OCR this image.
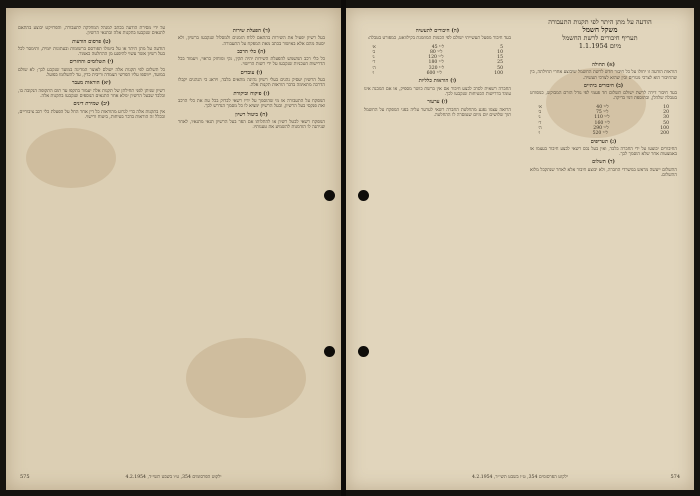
על ידי מסירת הודעה בכתב למנהל המחלקה לתעבורה, והפרויקט יבוצע בהתאם לתנאים שנקבעו בתקנות אלה ובתנאי הרשיון.

(ט) פרסום הודעות

הודעה על מתן היתר או על ביטולו תפורסם ברשומות ובעתונות יומית, ותימסר לכל בעל רשיון אשר עשוי להיפגע מן ההחלטה כאמור.

(י) תשלומים והחזרים

כל תשלום לפי תקנות אלה ישולם לאוצר המדינה במועד שנקבע לכך; לא שולם במועד, ייווספו עליו הפרשי הצמדה וריבית כדין, עד לתשלומו בפועל.

(יא) הוראות מעבר

רשיון שניתן לפני תחילתן של תקנות אלה יעמוד בתקפו עד תום התקופה הנקובה בו, ובלבד שבעל הרשיון ימלא אחר התנאים הנוספים שנקבעו בתקנות אלה.

(יב) שמירת דינים

אין בתקנות אלה כדי לגרוע מהוראות כל דין אחר החל על הפעלת כלי רכב ציבוריים, ובכלל זה הוראות בדבר בטיחות, ביטוח ורישוי.

(ד) הפעלת שירות

בעל רשיון יפעיל את השירות בהתאם ללוח הזמנים ולמסלול שנקבעו ברשיון, ולא יסטה מהם אלא באישור בכתב מאת המפקח על התעבורה.

(ה) כלי הרכב

כל כלי רכב המשמש להפעלת השירות יהיה תקין, נקי ומוחזק כראוי, ויעמוד בכל הדרישות הטכניות שנקבעו על ידי רשות הרישוי.

(ו) עובדים

בעל הרשיון יעסיק נהגים בעלי רשיון נהיגה מתאים בלבד, וידאג כי הנהגים יקבלו הדרכה מתאימה בדבר הוראות תקנות אלה.

(ז) פיקוח וביקורת

המפקח על התעבורה או מי שהוסמך על ידיו רשאי לבדוק בכל עת את כלי הרכב ואת פנקסי בעל הרשיון, ובעל הרשיון ימציא לו כל מסמך הנדרש לכך.

(ח) ביטול רשיון

המפקח רשאי לבטל רשיון או להתלותו אם הפר בעל הרשיון תנאי מתנאיו, לאחר שניתנה לו הזדמנות להשמיע את טענותיו.

575	ילקוט הפרסומים 354, ט״ו בשבט תשי״ד, 4.2.1954
הודעה על מתן היתר לפי תקנות התעבורה
משקל חשמל
תעריף חיבורים לרשת החשמל
מיום 1.1.1954
(ה) חיבורים לתעשיה

בעד חיבור מפעל תעשייתי ישולם לפי הכמות המוזמנת בקילוואט, כמפורט בטבלה:

5
ל״י 45
א׳
10
ל״י 80
ב׳
15
ל״י 120
ג׳
25
ל״י 180
ד׳
50
ל״י 320
ה׳
100
ל״י 600
ו׳
(ו) הוראות כלליות

החברה רשאית לסרב לבצע חיבור אם אין ברשת כושר מספיק, או אם המבנה אינו עומד בדרישות הבטיחות שנקבעו לכך.

(ז) ערעור

הרואה עצמו נפגע מהחלטת החברה רשאי לערער עליה בפני המפקח על החשמל תוך שלושים יום מיום שנמסרה לו ההחלטה.

(א) תחולה

הוראות הודעה זו יחולו על כל חיבור חדש לרשת החשמל שיבוצע אחרי תחילתה, בין שהחיבור הוא לצרכי מגורים ובין שהוא לצרכי תעשיה.

(ב) חיבורים ביתיים

בעד חיבור דירה לרשת ישולם תשלום חד פעמי לפי גודל הזרם המבוקש, כמפורט בטבלה שלהלן, ובתוספת דמי בדיקה.

10
ל״י 40
א׳
20
ל״י 75
ב׳
30
ל״י 110
ג׳
50
ל״י 160
ד׳
100
ל״י 290
ה׳
200
ל״י 520
ו׳
(ג) תעריפים

החיבורים יבוצעו על ידי החברה בלבד, ואין בעל נכס רשאי לבצע חיבור בעצמו או באמצעות אחר שלא הוסמך לכך.

(ד) תשלום

התשלום ייעשה מראש במשרדי החברה, ולא יבוצע חיבור אלא לאחר שנתקבל מלוא התשלום.

ילקוט הפרסומים 354, ט״ו בשבט תשי״ד, 4.2.1954	574
